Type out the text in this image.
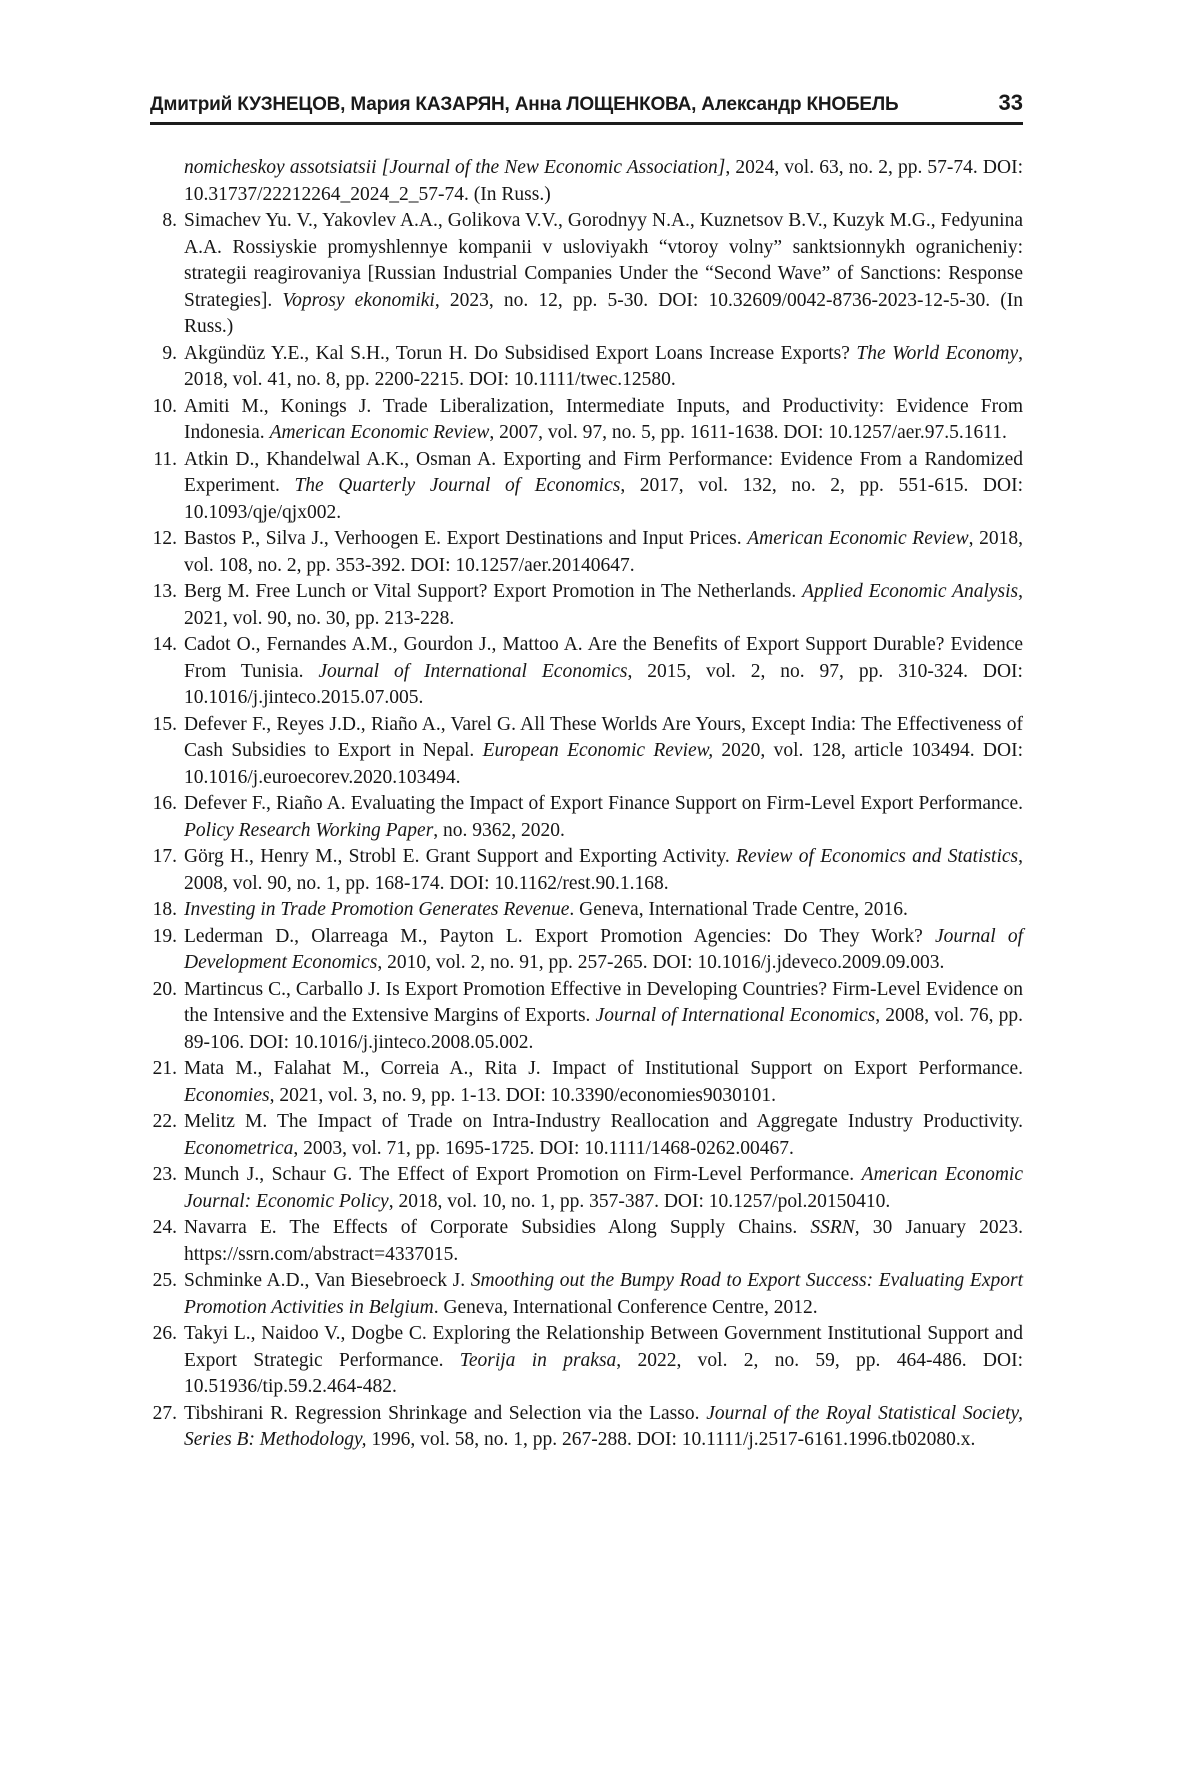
Дмитрий КУЗНЕЦОВ, Мария КАЗАРЯН, Анна ЛОЩЕНКОВА, Александр КНОБЕЛЬ	33
nomicheskoy assotsiatsii [Journal of the New Economic Association], 2024, vol. 63, no. 2, pp. 57-74. DOI: 10.31737/22212264_2024_2_57-74. (In Russ.)
8. Simachev Yu. V., Yakovlev A.A., Golikova V.V., Gorodnyy N.A., Kuznetsov B.V., Kuzyk M.G., Fedyunina A.A. Rossiyskie promyshlennye kompanii v usloviyakh “vtoroy volny” sanktsionnykh ogranicheniy: strategii reagirovaniya [Russian Industrial Companies Under the “Second Wave” of Sanctions: Response Strategies]. Voprosy ekonomiki, 2023, no. 12, pp. 5-30. DOI: 10.32609/0042-8736-2023-12-5-30. (In Russ.)
9. Akgündüz Y.E., Kal S.H., Torun H. Do Subsidised Export Loans Increase Exports? The World Economy, 2018, vol. 41, no. 8, pp. 2200-2215. DOI: 10.1111/twec.12580.
10. Amiti M., Konings J. Trade Liberalization, Intermediate Inputs, and Productivity: Evidence From Indonesia. American Economic Review, 2007, vol. 97, no. 5, pp. 1611-1638. DOI: 10.1257/aer.97.5.1611.
11. Atkin D., Khandelwal A.K., Osman A. Exporting and Firm Performance: Evidence From a Randomized Experiment. The Quarterly Journal of Economics, 2017, vol. 132, no. 2, pp. 551-615. DOI: 10.1093/qje/qjx002.
12. Bastos P., Silva J., Verhoogen E. Export Destinations and Input Prices. American Economic Review, 2018, vol. 108, no. 2, pp. 353-392. DOI: 10.1257/aer.20140647.
13. Berg M. Free Lunch or Vital Support? Export Promotion in The Netherlands. Applied Economic Analysis, 2021, vol. 90, no. 30, pp. 213-228.
14. Cadot O., Fernandes A.M., Gourdon J., Mattoo A. Are the Benefits of Export Support Durable? Evidence From Tunisia. Journal of International Economics, 2015, vol. 2, no. 97, pp. 310-324. DOI: 10.1016/j.jinteco.2015.07.005.
15. Defever F., Reyes J.D., Riaño A., Varel G. All These Worlds Are Yours, Except India: The Effectiveness of Cash Subsidies to Export in Nepal. European Economic Review, 2020, vol. 128, article 103494. DOI: 10.1016/j.euroecorev.2020.103494.
16. Defever F., Riaño A. Evaluating the Impact of Export Finance Support on Firm-Level Export Performance. Policy Research Working Paper, no. 9362, 2020.
17. Görg H., Henry M., Strobl E. Grant Support and Exporting Activity. Review of Economics and Statistics, 2008, vol. 90, no. 1, pp. 168-174. DOI: 10.1162/rest.90.1.168.
18. Investing in Trade Promotion Generates Revenue. Geneva, International Trade Centre, 2016.
19. Lederman D., Olarreaga M., Payton L. Export Promotion Agencies: Do They Work? Journal of Development Economics, 2010, vol. 2, no. 91, pp. 257-265. DOI: 10.1016/j.jdeveco.2009.09.003.
20. Martincus C., Carballo J. Is Export Promotion Effective in Developing Countries? Firm-Level Evidence on the Intensive and the Extensive Margins of Exports. Journal of International Economics, 2008, vol. 76, pp. 89-106. DOI: 10.1016/j.jinteco.2008.05.002.
21. Mata M., Falahat M., Correia A., Rita J. Impact of Institutional Support on Export Performance. Economies, 2021, vol. 3, no. 9, pp. 1-13. DOI: 10.3390/economies9030101.
22. Melitz M. The Impact of Trade on Intra-Industry Reallocation and Aggregate Industry Productivity. Econometrica, 2003, vol. 71, pp. 1695-1725. DOI: 10.1111/1468-0262.00467.
23. Munch J., Schaur G. The Effect of Export Promotion on Firm-Level Performance. American Economic Journal: Economic Policy, 2018, vol. 10, no. 1, pp. 357-387. DOI: 10.1257/pol.20150410.
24. Navarra E. The Effects of Corporate Subsidies Along Supply Chains. SSRN, 30 January 2023. https://ssrn.com/abstract=4337015.
25. Schminke A.D., Van Biesebroeck J. Smoothing out the Bumpy Road to Export Success: Evaluating Export Promotion Activities in Belgium. Geneva, International Conference Centre, 2012.
26. Takyi L., Naidoo V., Dogbe C. Exploring the Relationship Between Government Institutional Support and Export Strategic Performance. Teorija in praksa, 2022, vol. 2, no. 59, pp. 464-486. DOI: 10.51936/tip.59.2.464-482.
27. Tibshirani R. Regression Shrinkage and Selection via the Lasso. Journal of the Royal Statistical Society, Series B: Methodology, 1996, vol. 58, no. 1, pp. 267-288. DOI: 10.1111/j.2517-6161.1996.tb02080.x.
